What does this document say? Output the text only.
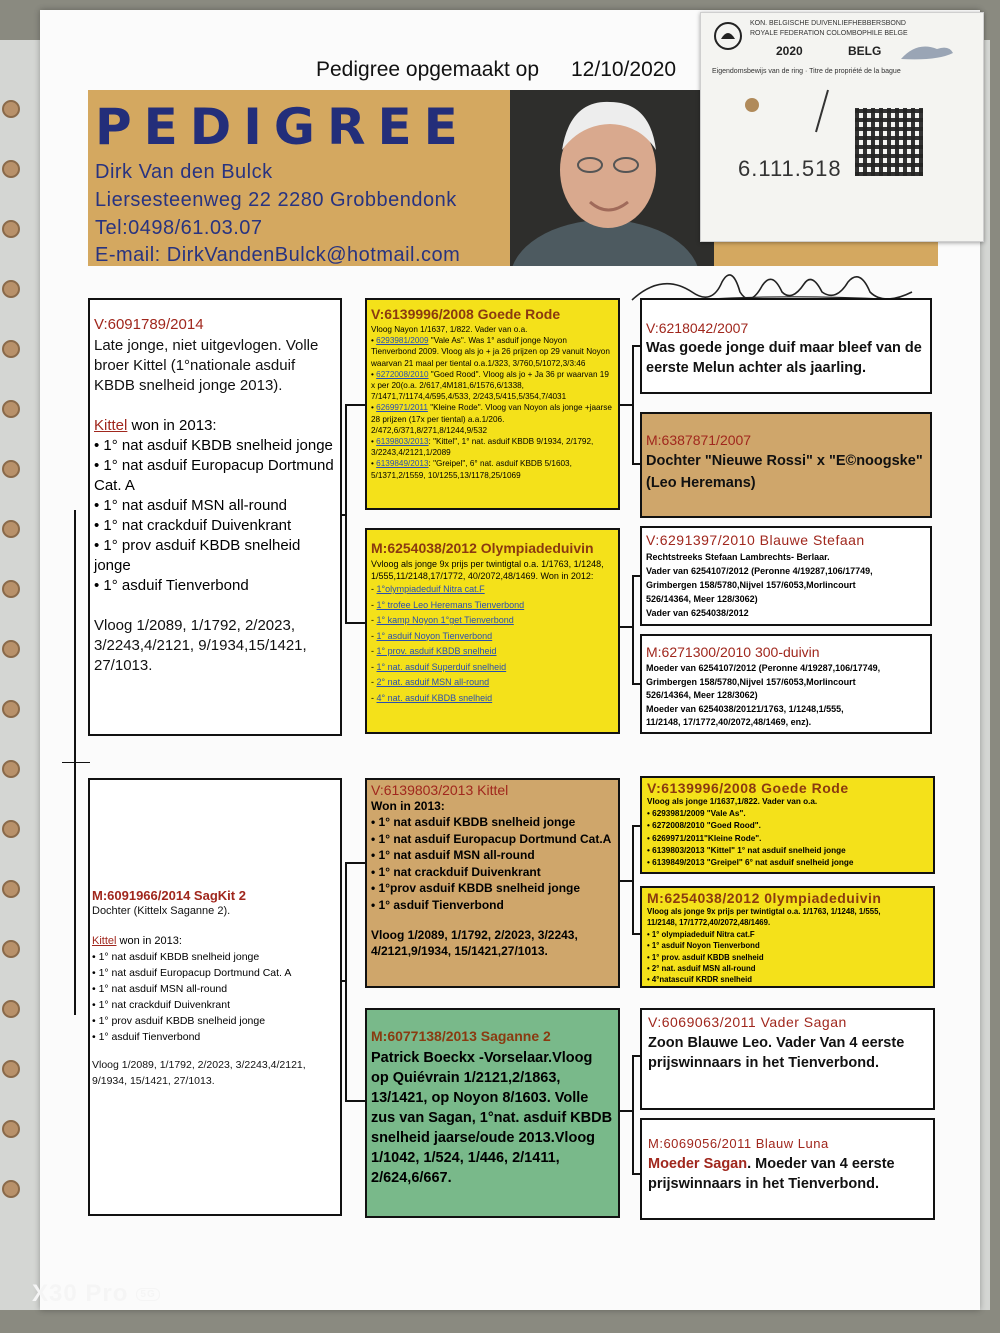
Pedigree opgemaakt op 12/10/2020
PEDIGREE
Dirk Van den Bulck
Liersesteenweg 22 2280 Grobbendonk
Tel:0498/61.03.07
E-mail: DirkVandenBulck@hotmail.com
KON. BELGISCHE DUIVENLIEFHEBBERSBOND
ROYALE FEDERATION COLOMBOPHILE BELGE
2020	BELG
Eigendomsbewijs van de ring · Titre de propriété de la bague
6.111.518
V:6091789/2014
Late jonge, niet uitgevlogen. Volle broer Kittel (1°nationale asduif KBDB snelheid jonge 2013).
Kittel won in 2013:
• 1° nat asduif KBDB snelheid jonge
• 1° nat asduif Europacup Dortmund Cat. A
• 1° nat asduif MSN all-round
• 1° nat crackduif Duivenkrant
• 1° prov asduif KBDB snelheid jonge
• 1° asduif Tienverbond
Vloog 1/2089, 1/1792, 2/2023, 3/2243,4/2121, 9/1934,15/1421, 27/1013.
V:6139996/2008 Goede Rode
Vloog Nayon 1/1637, 1/822. Vader van o.a.
• 6293981/2009 "Vale As". Was 1° asduif jonge Noyon Tienverbond 2009. Vloog als jo + ja 26 prijzen op 29 vanuit Noyon waarvan 21 maal per tiental o.a.1/323, 3/760,5/1072,3/3:46
• 6272008/2010 "Goed Rood". Vloog als jo + Ja 36 pr waarvan 19 x per 20(o.a. 2/617,4M181,6/1576,6/1338, 7/1471,7/1174,4/595,4/533, 2/243,5/415,5/354,7/4031
• 6269971/2011 "Kleine Rode". Vloog van Noyon als jonge +jaarse 28 prijzen (17x per tiental) a.a.1/206. 2/472,6/371,8/271,8/1244,9/532
• 6139803/2013: "Kittel", 1° nat. asduif KBDB 9/1934, 2/1792, 3/2243,4/2121,1/2089
• 6139849/2013: "Greipel", 6° nat. asduif KBDB 5/1603, 5/1371,2/1559, 10/1255,13/1178,25/1069
M:6254038/2012 Olympiadeduivin
Vvloog als jonge 9x prijs per twintigtal o.a. 1/1763, 1/1248, 1/555,11/2148,17/1772, 40/2072,48/1469. Won in 2012:
- 1°olympiadeduif Nitra cat.F
- 1° trofee Leo Heremans Tienverbond
- 1° kamp Noyon 1°get Tienverbond
- 1° asduif Noyon Tienverbond
- 1° prov. asduif KBDB snelheid
- 1° nat. asduif Superduif snelheid
- 2° nat. asduif MSN all-round
- 4° nat. asduif KBDB snelheid
V:6218042/2007
Was goede jonge duif maar bleef van de eerste Melun achter als jaarling.
M:6387871/2007
Dochter "Nieuwe Rossi" x "E©noogske" (Leo Heremans)
V:6291397/2010 Blauwe Stefaan
Rechtstreeks Stefaan Lambrechts- Berlaar.
Vader van 6254107/2012 (Peronne 4/19287,106/17749,
Grimbergen 158/5780,Nijvel 157/6053,Morlincourt
526/14364, Meer 128/3062)
Vader van 6254038/2012
M:6271300/2010 300-duivin
Moeder van 6254107/2012 (Peronne 4/19287,106/17749,
Grimbergen 158/5780,Nijvel 157/6053,Morlincourt
526/14364, Meer 128/3062)
Moeder van 6254038/20121/1763, 1/1248,1/555,
11/2148, 17/1772,40/2072,48/1469, enz).
M:6091966/2014 SagKit 2
Dochter (Kittelx Saganne 2).
Kittel won in 2013:
• 1° nat asduif KBDB snelheid jonge
• 1° nat asduif Europacup Dortmund Cat. A
• 1° nat asduif MSN all-round
• 1° nat crackduif Duivenkrant
• 1° prov asduif KBDB snelheid jonge
• 1° asduif Tienverbond
Vloog 1/2089, 1/1792, 2/2023, 3/2243,4/2121, 9/1934, 15/1421, 27/1013.
V:6139803/2013 Kittel
Won in 2013:
• 1° nat asduif KBDB snelheid jonge
• 1° nat asduif Europacup Dortmund Cat.A
• 1° nat asduif MSN all-round
• 1° nat crackduif Duivenkrant
• 1°prov asduif KBDB snelheid jonge
• 1° asduif Tienverbond
Vloog 1/2089, 1/1792, 2/2023, 3/2243, 4/2121,9/1934, 15/1421,27/1013.
M:6077138/2013 Saganne 2
Patrick Boeckx -Vorselaar.Vloog op Quiévrain 1/2121,2/1863, 13/1421, op Noyon 8/1603. Volle zus van Sagan, 1°nat. asduif KBDB snelheid jaarse/oude 2013.Vloog 1/1042, 1/524, 1/446, 2/1411, 2/624,6/667.
V:6139996/2008 Goede Rode
Vloog als jonge 1/1637,1/822. Vader van o.a.
• 6293981/2009 "Vale As".
• 6272008/2010 "Goed Rood".
• 6269971/2011"Kleine Rode".
• 6139803/2013 "Kittel" 1° nat asduif snelheid jonge
• 6139849/2013 "Greipel" 6° nat asduif snelheid jonge
M:6254038/2012 0lympiadeduivin
Vloog als jonge 9x prijs per twintigtal o.a. 1/1763, 1/1248, 1/555,
11/2148, 17/1772,40/2072,48/1469.
• 1° olympiadeduif Nitra cat.F
• 1° asduif Noyon Tienverbond
• 1° prov. asduif KBDB snelheid
• 2° nat. asduif MSN all-round
• 4°natascuif KRDR snelheid
V:6069063/2011 Vader Sagan
Zoon Blauwe Leo. Vader Van 4 eerste prijswinnaars in het Tienverbond.
M:6069056/2011 Blauw Luna
Moeder Sagan. Moeder van 4 eerste prijswinnaars in het Tienverbond.
X30 Pro 5G
